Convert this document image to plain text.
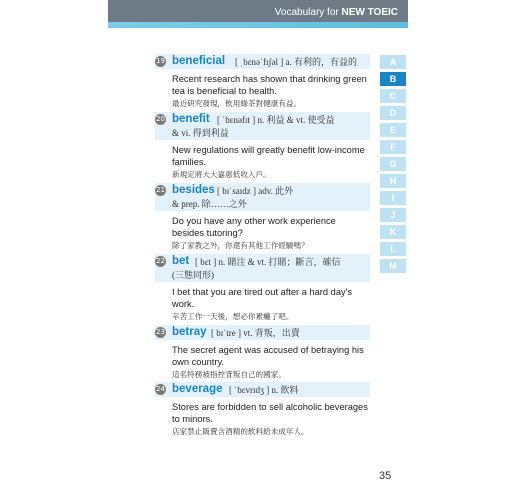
Vocabulary for NEW TOEIC
19 beneficial [ ˌbɛnəˈfɪʃəl ] a. 有利的，有益的
Recent research has shown that drinking green tea is beneficial to health.
最近研究發現，飲用綠茶對健康有益。
20 benefit [ ˈbɛnəfɪt ] n. 利益 & vt. 使受益
& vi. 得到利益
New regulations will greatly benefit low-income families.
新規定將大大嘉惠低收入戶。
21 besides [ bɪˈsaɪdz ] adv. 此外
& prep. 除……之外
Do you have any other work experience besides tutoring?
除了家教之外，你還有其他工作經驗嗎？
22 bet [ bɛt ] n. 賭注 & vt. 打賭；斷言，確信
(三態同形)
I bet that you are tired out after a hard day's work.
辛苦工作一天後，想必你累癱了吧。
23 betray [ bɪˈtre ] vt. 背叛，出賣
The secret agent was accused of betraying his own country.
這名特務被指控背叛自己的國家。
24 beverage [ ˈbɛvrɪdʒ ] n. 飲料
Stores are forbidden to sell alcoholic beverages to minors.
店家禁止販賣含酒精的飲料給未成年人。
A
B
C
D
E
F
G
H
I
J
K
L
M
35
